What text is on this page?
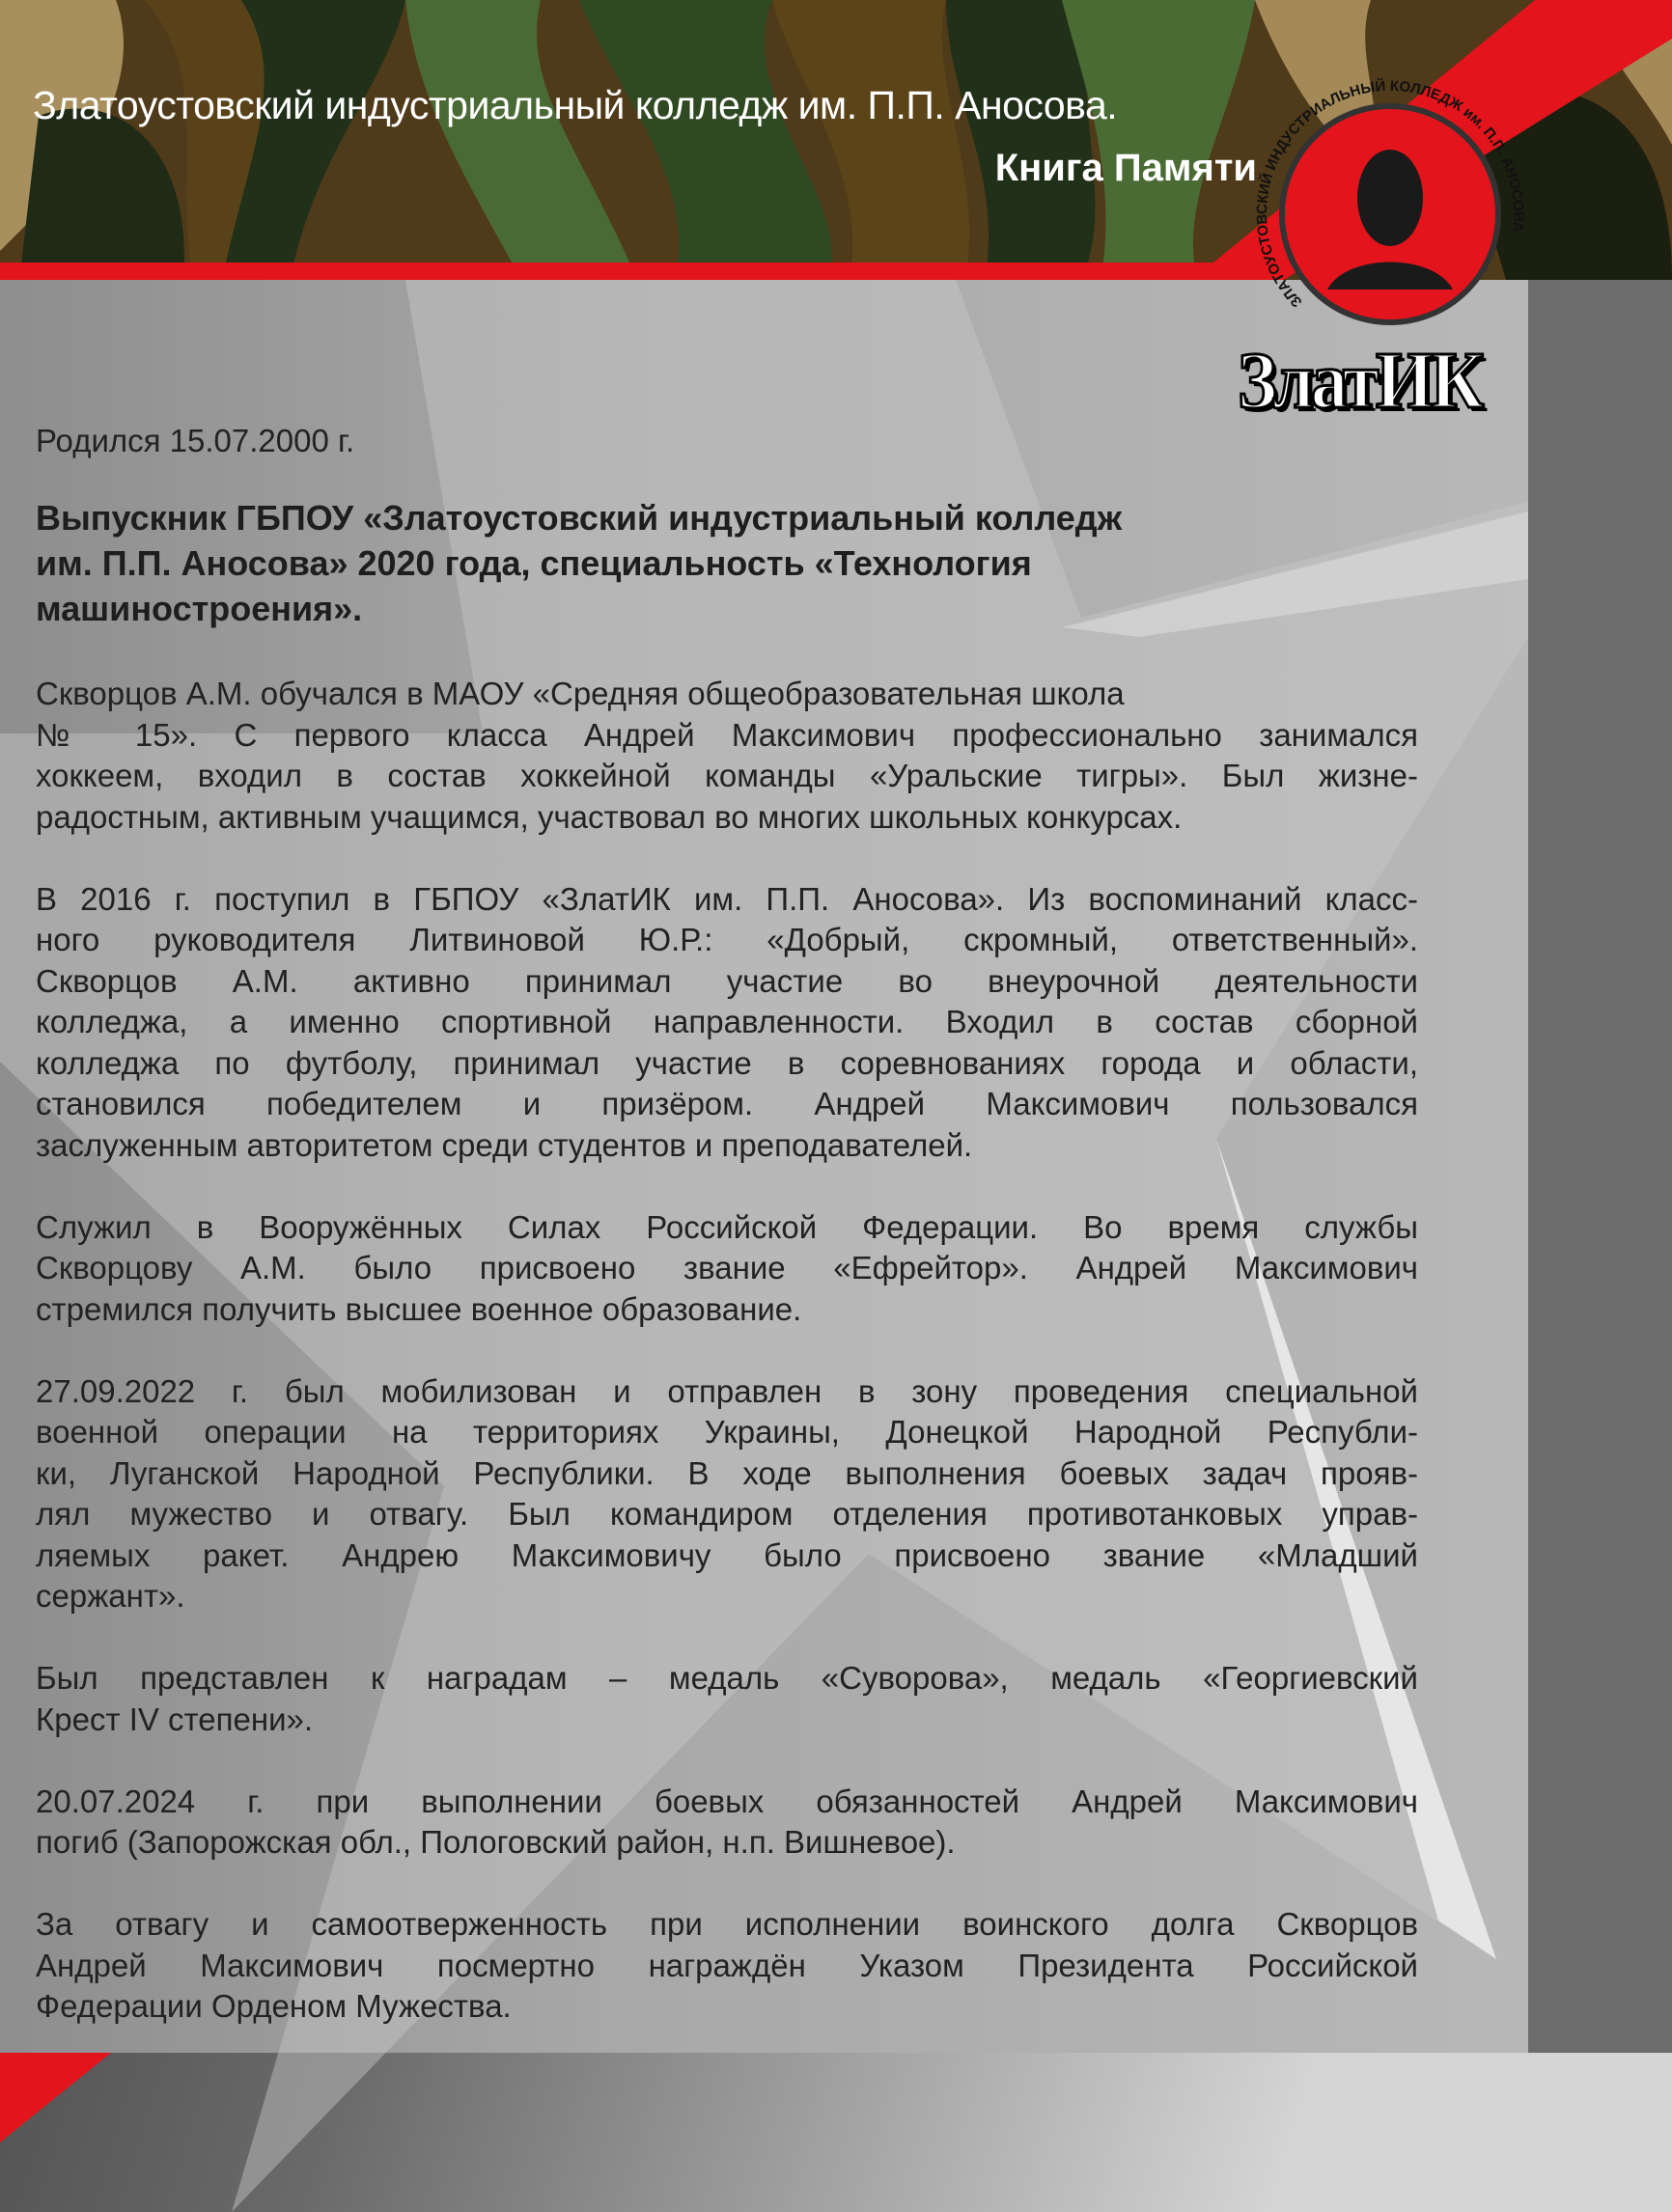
ЗЛАТОУСТОВСКИЙ ИНДУСТРИАЛЬНЫЙ КОЛЛЕДЖ им. П.П. АНОСОВА
Златоустовский индустриальный колледж им. П.П. Аносова.
Книга Памяти
ЗлатИК
Родился 15.07.2000 г.
Выпускник ГБПОУ «Златоустовский индустриальный колледж
им. П.П. Аносова» 2020 года, специальность «Технология
машиностроения».
Скворцов А.М. обучался в МАОУ «Средняя общеобразовательная школа
№ 15». С первого класса Андрей Максимович профессионально занимался
хоккеем, входил в состав хоккейной команды «Уральские тигры». Был жизне-
радостным, активным учащимся, участвовал во многих школьных конкурсах.
В 2016 г. поступил в ГБПОУ «ЗлатИК им. П.П. Аносова». Из воспоминаний класс-
ного руководителя Литвиновой Ю.Р.: «Добрый, скромный, ответственный».
Скворцов А.М. активно принимал участие во внеурочной деятельности
колледжа, а именно спортивной направленности. Входил в состав сборной
колледжа по футболу, принимал участие в соревнованиях города и области,
становился победителем и призёром. Андрей Максимович пользовался
заслуженным авторитетом среди студентов и преподавателей.
Служил в Вооружённых Силах Российской Федерации. Во время службы
Скворцову А.М. было присвоено звание «Ефрейтор». Андрей Максимович
стремился получить высшее военное образование.
27.09.2022 г. был мобилизован и отправлен в зону проведения специальной
военной операции на территориях Украины, Донецкой Народной Республи-
ки, Луганской Народной Республики. В ходе выполнения боевых задач прояв-
лял мужество и отвагу. Был командиром отделения противотанковых управ-
ляемых ракет. Андрею Максимовичу было присвоено звание «Младший
сержант».
Был представлен к наградам – медаль «Суворова», медаль «Георгиевский
Крест IV степени».
20.07.2024 г. при выполнении боевых обязанностей Андрей Максимович
погиб (Запорожская обл., Пологовский район, н.п. Вишневое).
За отвагу и самоотверженность при исполнении воинского долга Скворцов
Андрей Максимович посмертно награждён Указом Президента Российской
Федерации Орденом Мужества.
